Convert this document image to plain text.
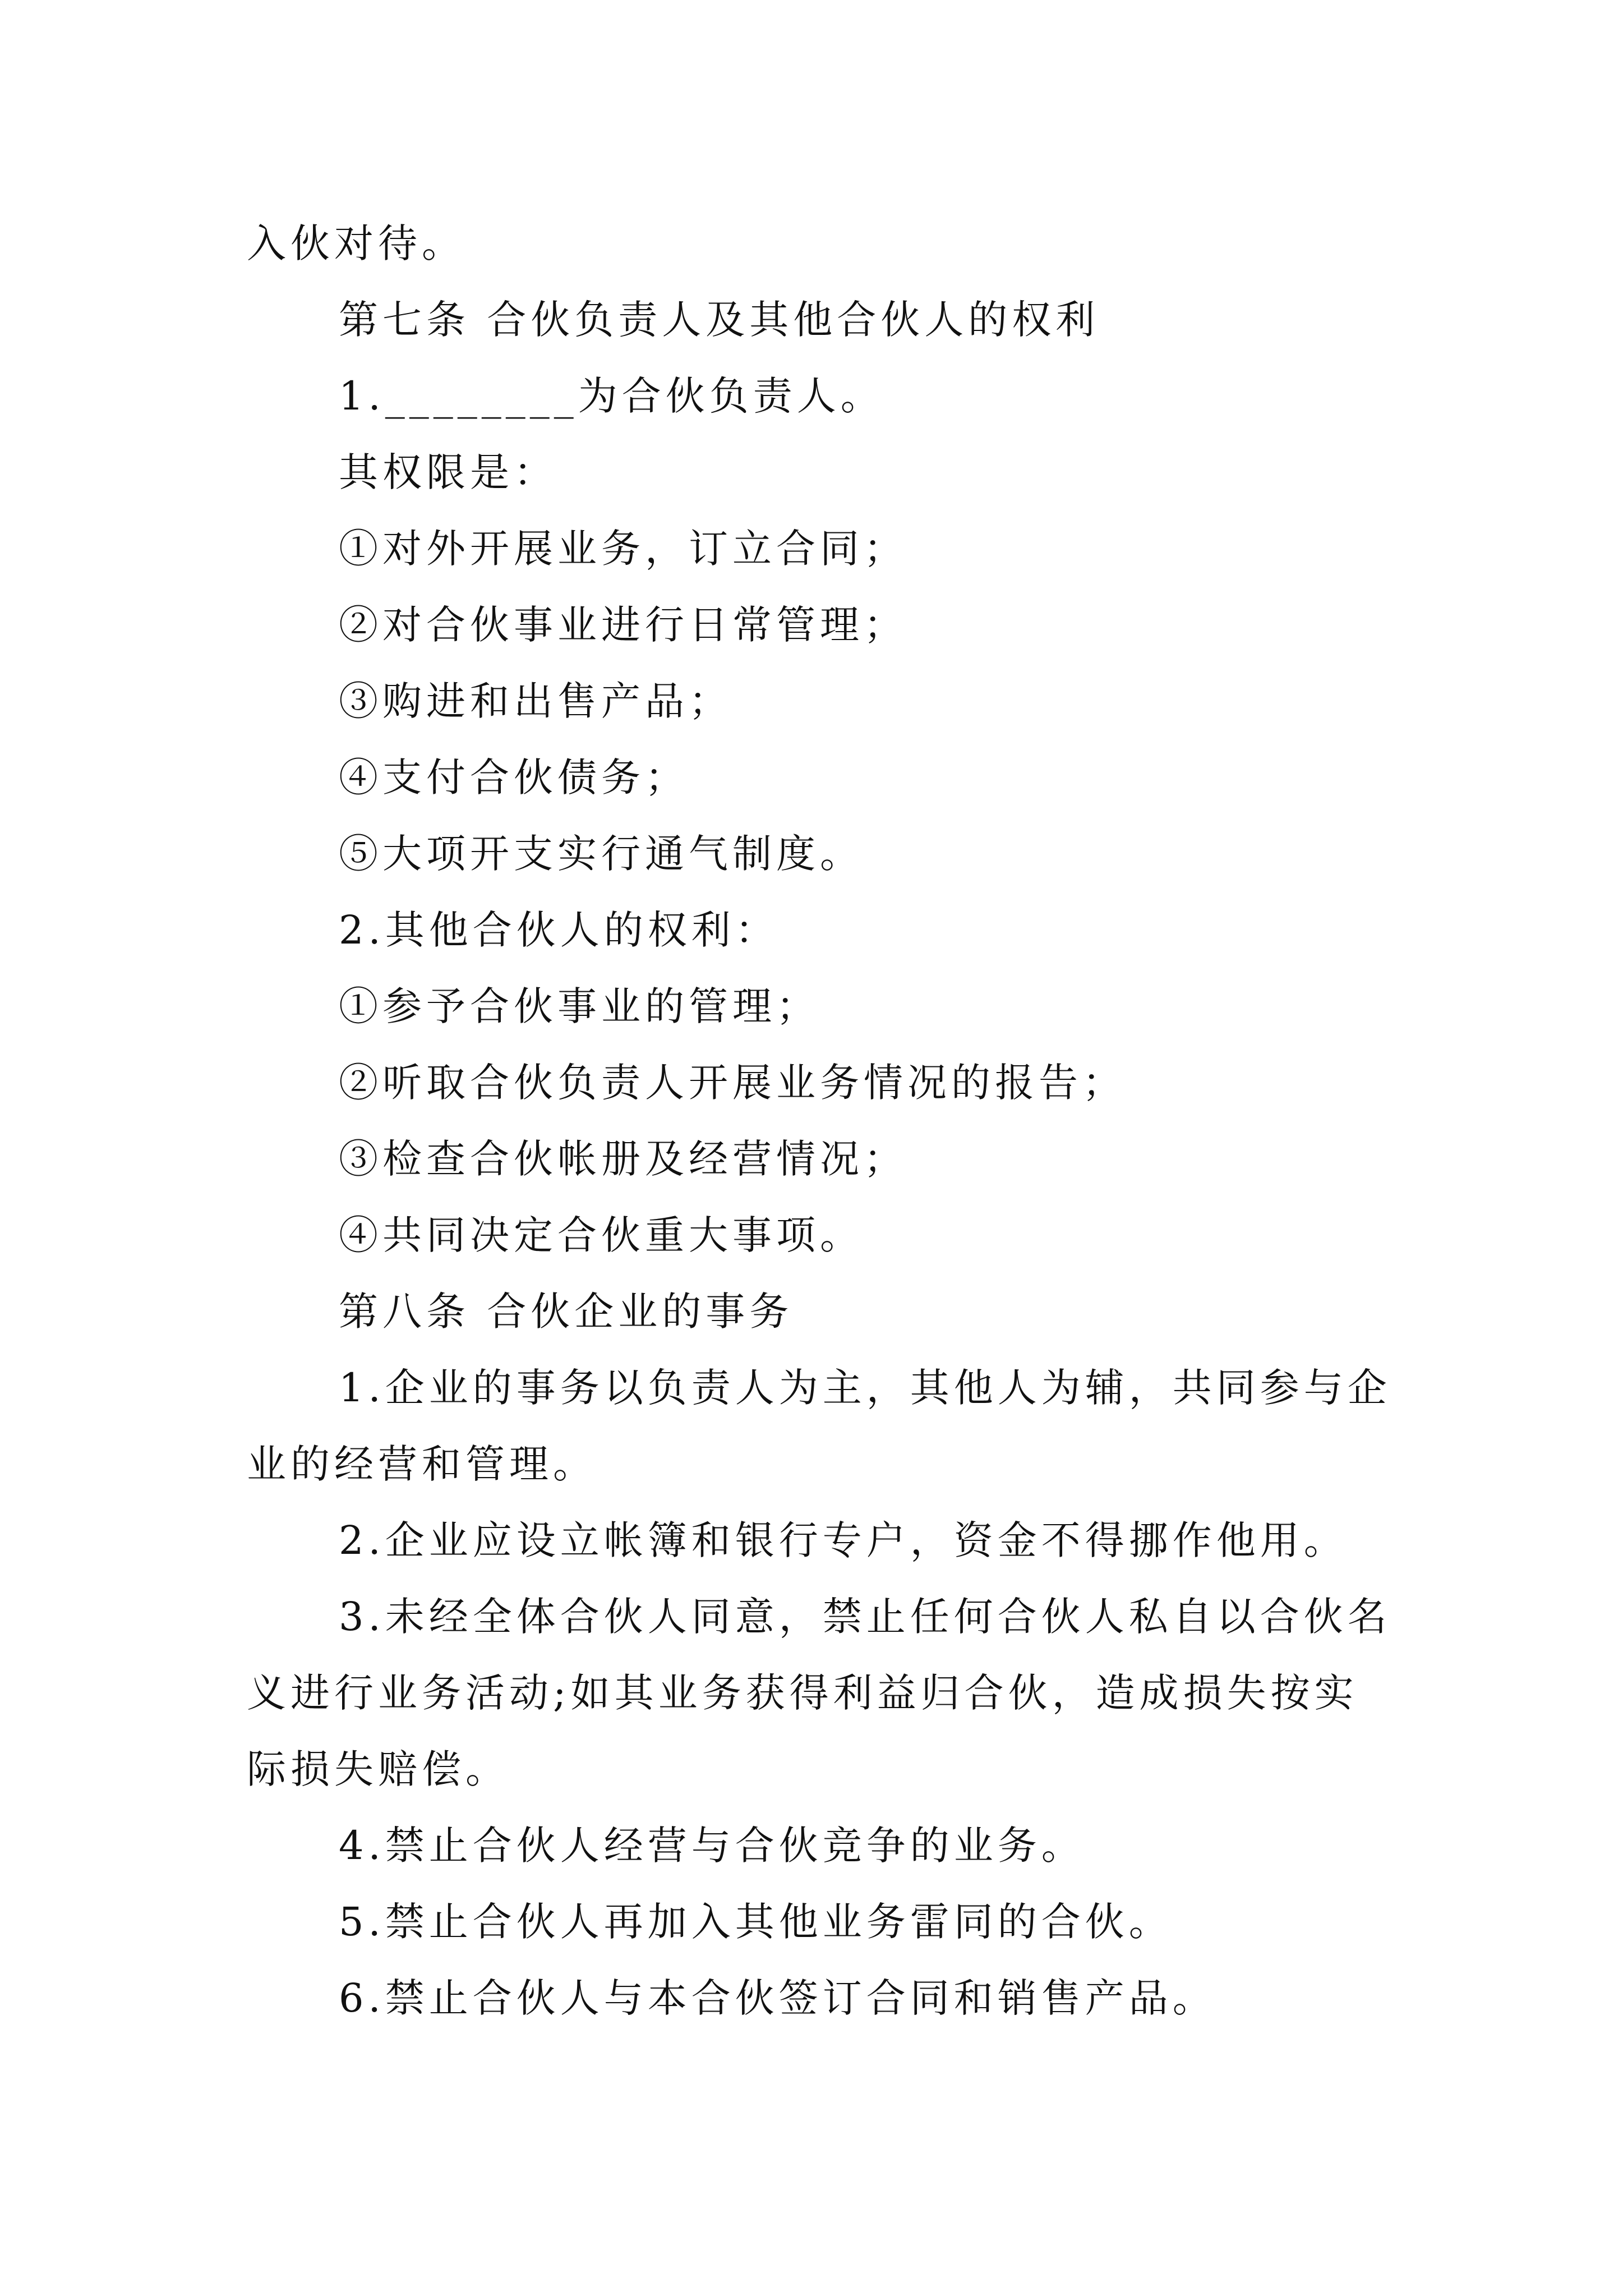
入伙对待。
第七条 合伙负责人及其他合伙人的权利
1.________为合伙负责人。
其权限是：
①对外开展业务，订立合同；
②对合伙事业进行日常管理；
③购进和出售产品；
④支付合伙债务；
⑤大项开支实行通气制度。
2.其他合伙人的权利：
①参予合伙事业的管理；
②听取合伙负责人开展业务情况的报告；
③检查合伙帐册及经营情况；
④共同决定合伙重大事项。
第八条 合伙企业的事务
1.企业的事务以负责人为主，其他人为辅，共同参与企
业的经营和管理。
2.企业应设立帐簿和银行专户，资金不得挪作他用。
3.未经全体合伙人同意，禁止任何合伙人私自以合伙名
义进行业务活动;如其业务获得利益归合伙，造成损失按实
际损失赔偿。
4.禁止合伙人经营与合伙竞争的业务。
5.禁止合伙人再加入其他业务雷同的合伙。
6.禁止合伙人与本合伙签订合同和销售产品。
